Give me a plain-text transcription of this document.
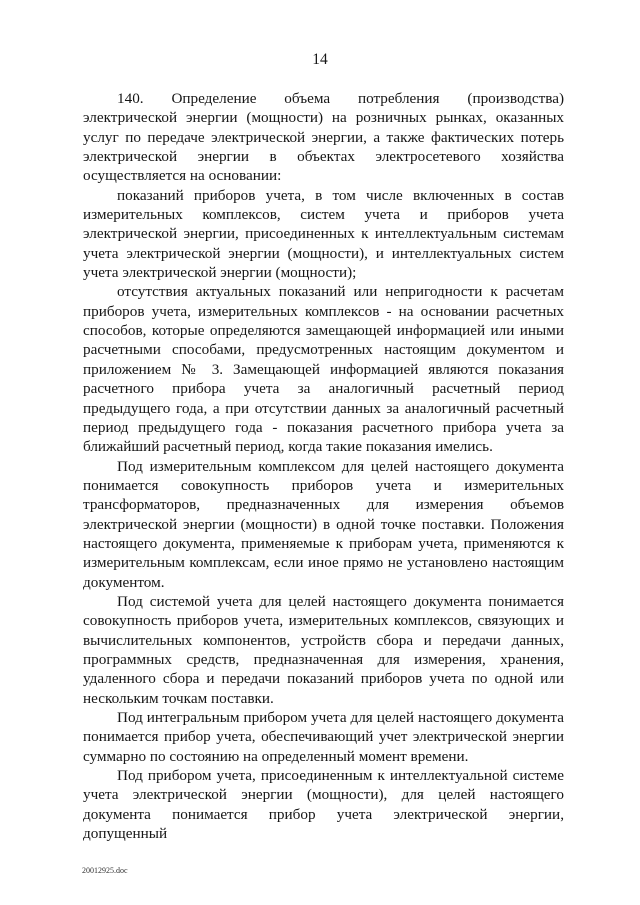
14

140. Определение объема потребления (производства) электрической энергии (мощности) на розничных рынках, оказанных услуг по передаче электрической энергии, а также фактических потерь электрической энергии в объектах электросетевого хозяйства осуществляется на основании:

показаний приборов учета, в том числе включенных в состав измерительных комплексов, систем учета и приборов учета электрической энергии, присоединенных к интеллектуальным системам учета электрической энергии (мощности), и интеллектуальных систем учета электрической энергии (мощности);

отсутствия актуальных показаний или непригодности к расчетам приборов учета, измерительных комплексов - на основании расчетных способов, которые определяются замещающей информацией или иными расчетными способами, предусмотренных настоящим документом и приложением № 3. Замещающей информацией являются показания расчетного прибора учета за аналогичный расчетный период предыдущего года, а при отсутствии данных за аналогичный расчетный период предыдущего года - показания расчетного прибора учета за ближайший расчетный период, когда такие показания имелись.

Под измерительным комплексом для целей настоящего документа понимается совокупность приборов учета и измерительных трансформаторов, предназначенных для измерения объемов электрической энергии (мощности) в одной точке поставки. Положения настоящего документа, применяемые к приборам учета, применяются к измерительным комплексам, если иное прямо не установлено настоящим документом.

Под системой учета для целей настоящего документа понимается совокупность приборов учета, измерительных комплексов, связующих и вычислительных компонентов, устройств сбора и передачи данных, программных средств, предназначенная для измерения, хранения, удаленного сбора и передачи показаний приборов учета по одной или нескольким точкам поставки.

Под интегральным прибором учета для целей настоящего документа понимается прибор учета, обеспечивающий учет электрической энергии суммарно по состоянию на определенный момент времени.

Под прибором учета, присоединенным к интеллектуальной системе учета электрической энергии (мощности), для целей настоящего документа понимается прибор учета электрической энергии, допущенный

20012925.doc
